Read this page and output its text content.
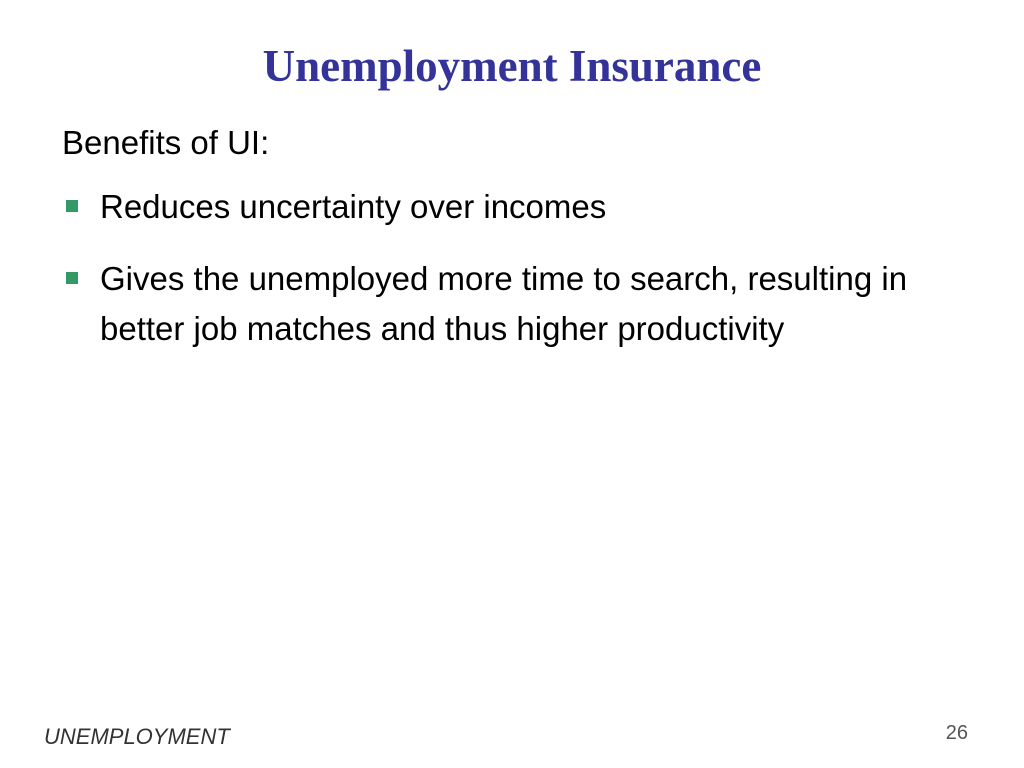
Unemployment Insurance

Benefits of UI:

Reduces uncertainty over incomes
Gives the unemployed more time to search, resulting in better job matches and thus higher productivity
UNEMPLOYMENT	26
